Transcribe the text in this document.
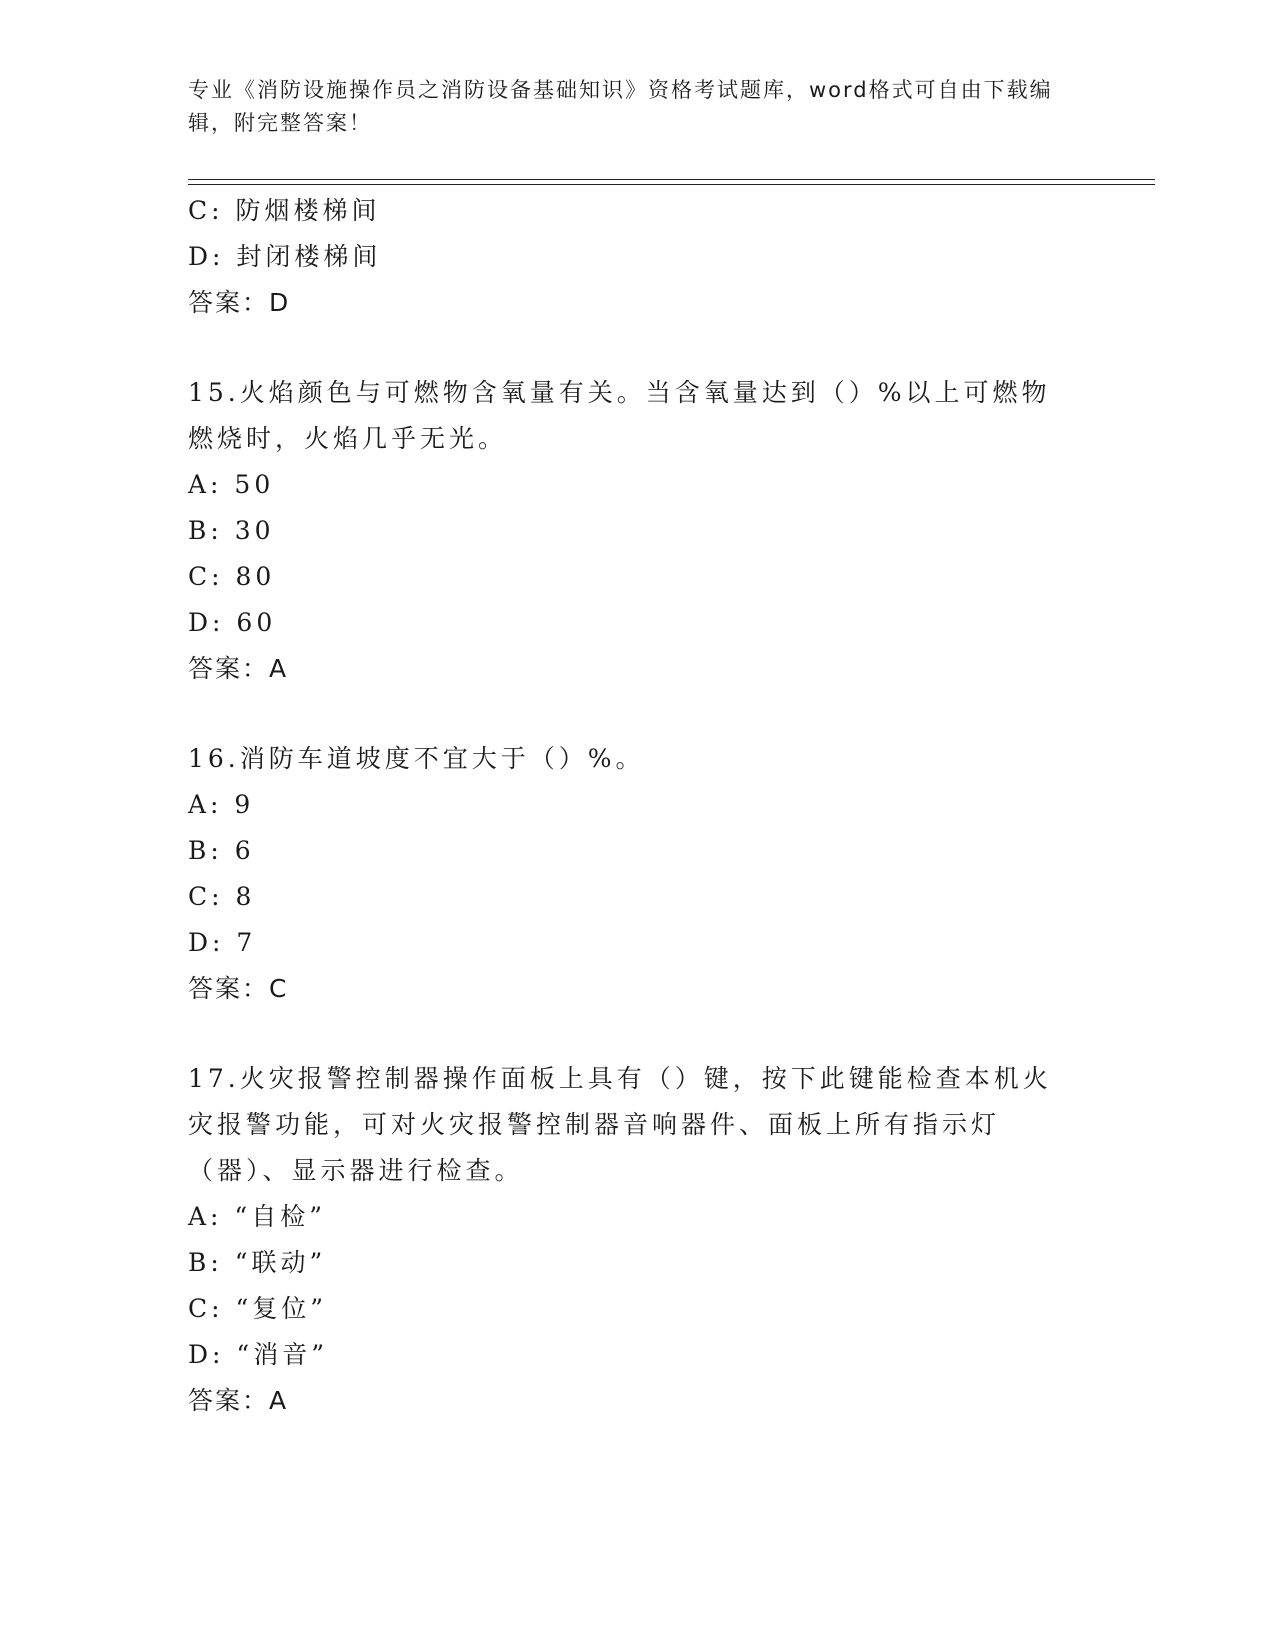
专业《消防设施操作员之消防设备基础知识》资格考试题库，word格式可自由下载编辑，附完整答案！
C: 防烟楼梯间
D: 封闭楼梯间
答案：D
15.火焰颜色与可燃物含氧量有关。当含氧量达到（）%以上可燃物燃烧时，火焰几乎无光。
A: 50
B: 30
C: 80
D: 60
答案：A
16.消防车道坡度不宜大于（）%。
A: 9
B: 6
C: 8
D: 7
答案：C
17.火灾报警控制器操作面板上具有（）键，按下此键能检查本机火灾报警功能，可对火灾报警控制器音响器件、面板上所有指示灯（器）、显示器进行检查。
A: “自检”
B: “联动”
C: “复位”
D: “消音”
答案：A
